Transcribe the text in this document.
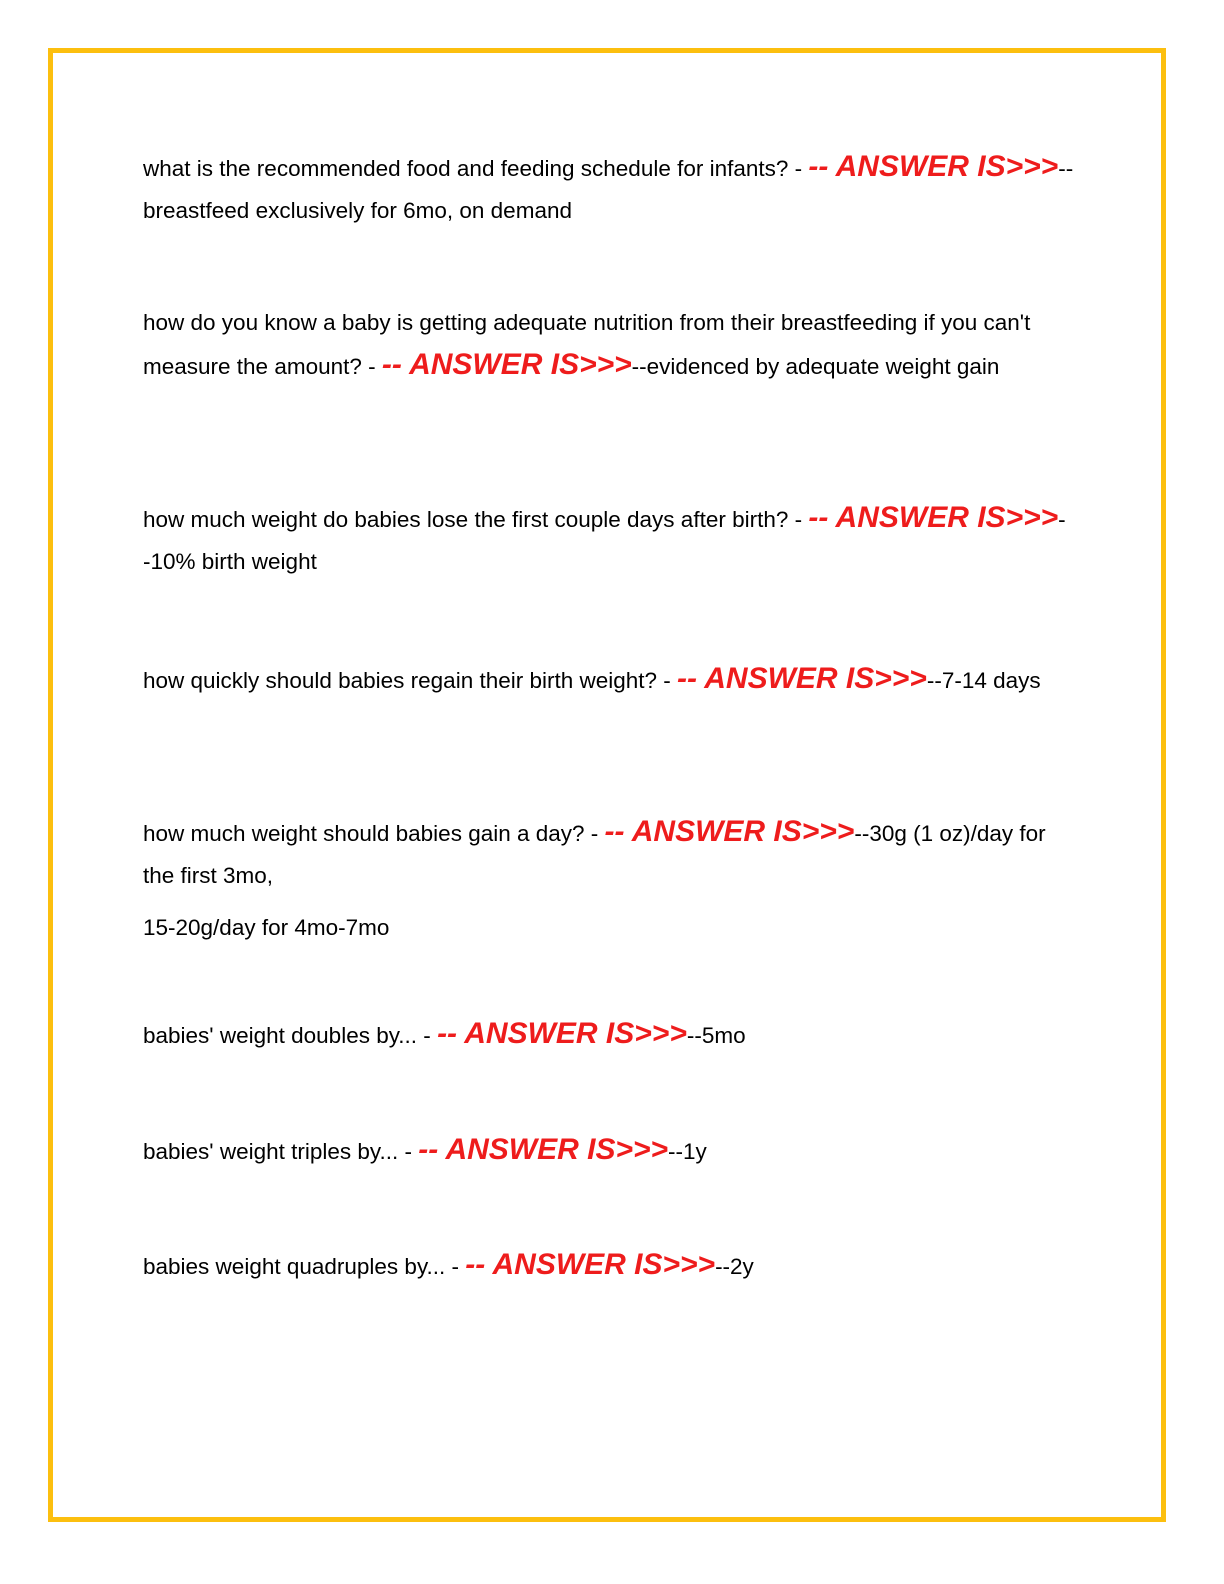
what is the recommended food and feeding schedule for infants? - -- ANSWER IS>>>--breastfeed exclusively for 6mo, on demand

how do you know a baby is getting adequate nutrition from their breastfeeding if you can't measure the amount? - -- ANSWER IS>>>--evidenced by adequate weight gain

how much weight do babies lose the first couple days after birth? - -- ANSWER IS>>>--10% birth weight

how quickly should babies regain their birth weight? - -- ANSWER IS>>>--7-14 days

how much weight should babies gain a day? - -- ANSWER IS>>>--30g (1 oz)/day for the first 3mo,
15-20g/day for 4mo-7mo

babies' weight doubles by... - -- ANSWER IS>>>--5mo

babies' weight triples by... - -- ANSWER IS>>>--1y

babies weight quadruples by... - -- ANSWER IS>>>--2y
